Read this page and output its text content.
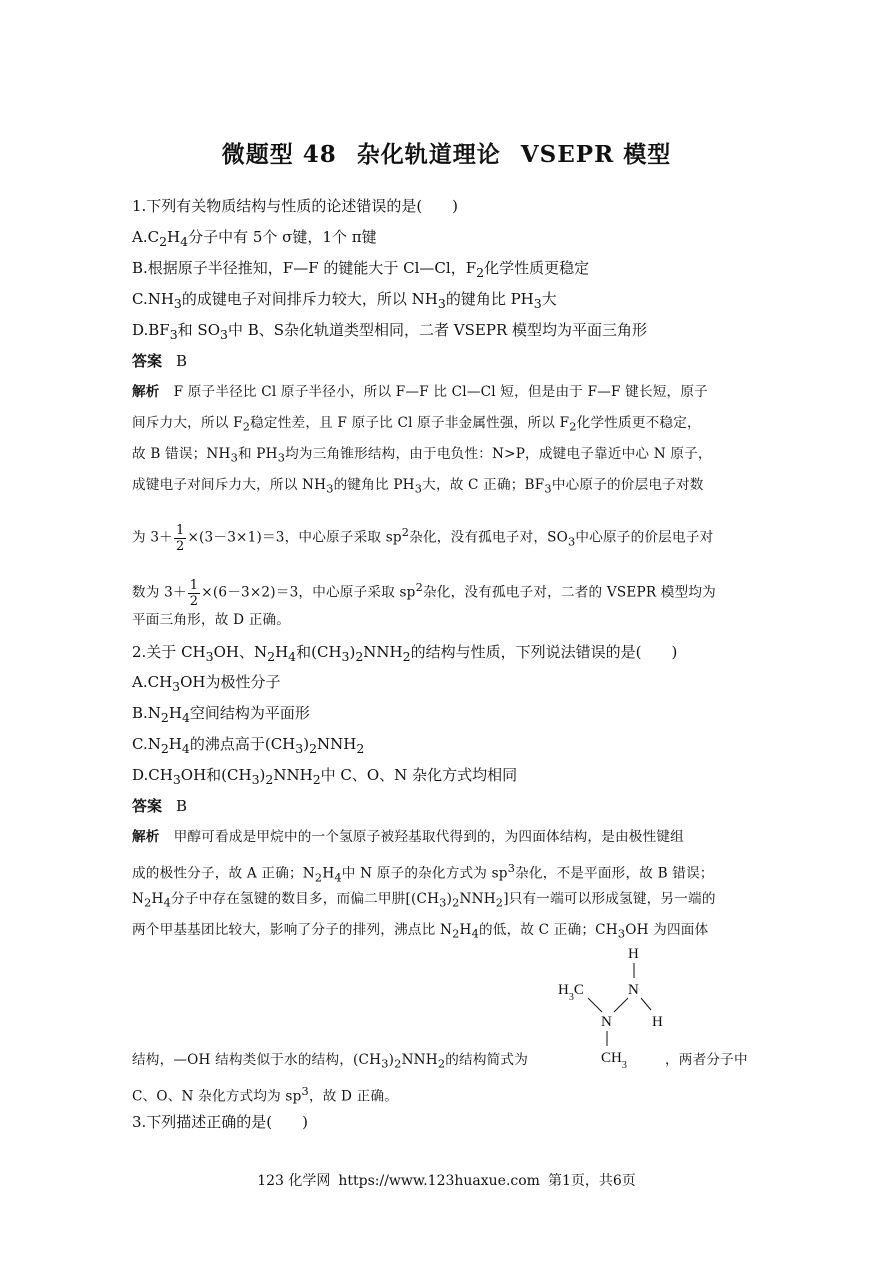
微题型 48 杂化轨道理论 VSEPR 模型
1.下列有关物质结构与性质的论述错误的是(　　)
$A.C_2H_4$分子中有 5个 σ键，1个 π键
B.根据原子半径推知，F—F 的键能大于 Cl—Cl，$F_2$化学性质更稳定
$C.NH_3$的成键电子对间排斥力较大，所以 $NH_3$的键角比 $PH_3$大
$D.BF_3$和 $SO_3$中 B、S杂化轨道类型相同，二者 VSEPR 模型均为平面三角形
答案 B
解析 F 原子半径比 Cl 原子半径小，所以 F—F 比 Cl—Cl 短，但是由于 F—F 键长短，原子
间斥力大，所以 $F_2$稳定性差，且 F 原子比 Cl 原子非金属性强，所以 $F_2$化学性质更不稳定，
故 B 错误；$NH_3$和 $PH_3$均为三角锥形结构，由于电负性：N>P，成键电子靠近中心 N 原子，
成键电子对间斥力大，所以 $NH_3$的键角比 $PH_3$大，故 C 正确；$BF_3$中心原子的价层电子对数
为 $3+ \frac{1}{2} \times(3-3\times 1)=3$，中心原子采取 $sp^2$杂化，没有孤电子对，$SO_3$中心原子的价层电子对
数为 $3+ \frac{1}{2} \times(6-3\times 2)=3$，中心原子采取 $sp^2$杂化，没有孤电子对，二者的 VSEPR 模型均为
平面三角形，故 D 正确。
2.关于 $CH_3OH$、$N_2H_4$和$(CH_3)_2NNH_2$的结构与性质，下列说法错误的是(　　)
$A.CH_3OH$为极性分子
$B.N_2H_4$空间结构为平面形
$C.N_2H_4$的沸点高于$(CH_3)_2NNH_2$
$D.CH_3OH$和$(CH_3)_2NNH_2$中 C、O、N 杂化方式均相同
答案 B
解析 甲醇可看成是甲烷中的一个氢原子被羟基取代得到的，为四面体结构，是由极性键组
成的极性分子，故 A 正确；$N_2H_4$中 N 原子的杂化方式为 $sp^3$杂化，不是平面形，故 B 错误；
$N_2H_4$分子中存在氢键的数目多，而偏二甲肼$[(CH_3)_2NNH_2]$只有一端可以形成氢键，另一端的
两个甲基基团比较大，影响了分子的排列，沸点比 $N_2H_4$的低，故 C 正确；$CH_3OH$ 为四面体
H
N
$H_3C$
H
N
$CH_3$
结构，—OH 结构类似于水的结构，$(CH_3)_2NNH_2$的结构简式为	，两者分子中
C、O、N 杂化方式均为 $sp^3$，故 D 正确。
3.下列描述正确的是(　　)
123 化学网 https://www.123huaxue.com 第1页，共6页
